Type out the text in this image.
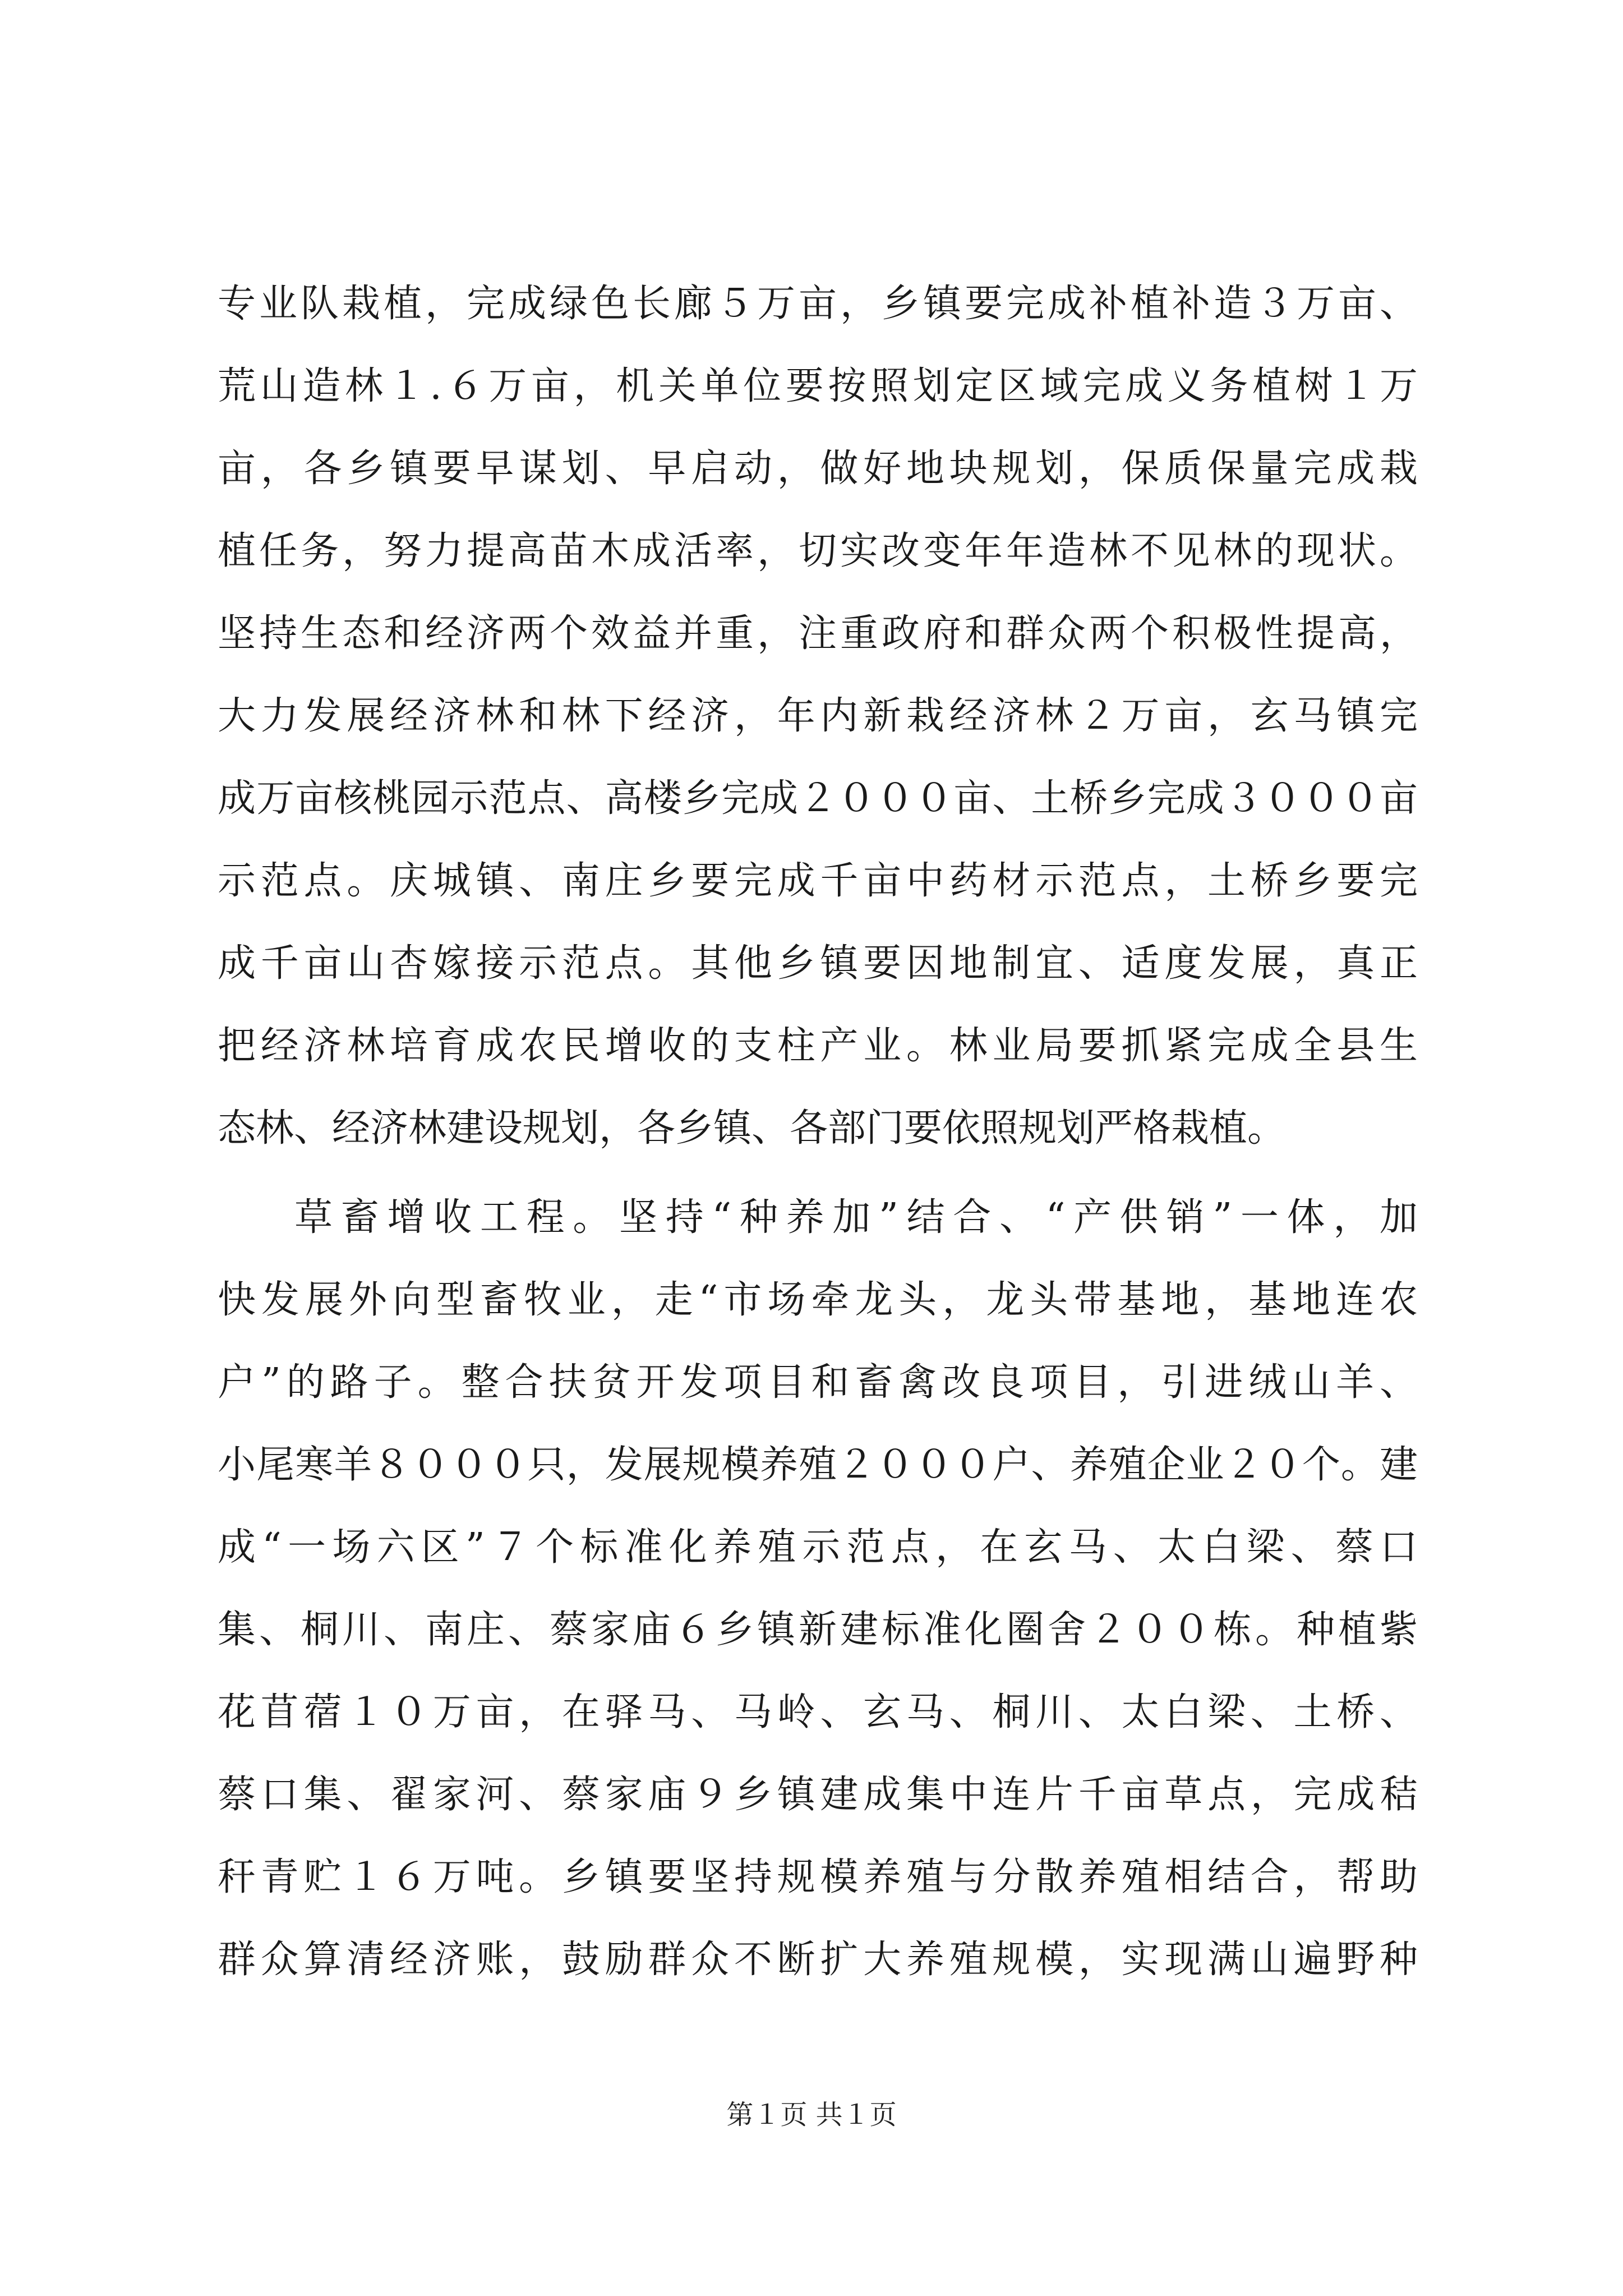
专业队栽植，完成绿色长廊５万亩，乡镇要完成补植补造３万亩、
荒山造林１.６万亩，机关单位要按照划定区域完成义务植树１万
亩，各乡镇要早谋划、早启动，做好地块规划，保质保量完成栽
植任务，努力提高苗木成活率，切实改变年年造林不见林的现状。
坚持生态和经济两个效益并重，注重政府和群众两个积极性提高，
大力发展经济林和林下经济，年内新栽经济林２万亩，玄马镇完
成万亩核桃园示范点、高楼乡完成２０００亩、土桥乡完成３０００亩
示范点。庆城镇、南庄乡要完成千亩中药材示范点，土桥乡要完
成千亩山杏嫁接示范点。其他乡镇要因地制宜、适度发展，真正
把经济林培育成农民增收的支柱产业。林业局要抓紧完成全县生
态林、经济林建设规划，各乡镇、各部门要依照规划严格栽植。
草畜增收工程。坚持“种养加”结合、“产供销”一体，加
快发展外向型畜牧业，走“市场牵龙头，龙头带基地，基地连农
户”的路子。整合扶贫开发项目和畜禽改良项目，引进绒山羊、
小尾寒羊８０００只，发展规模养殖２０００户、养殖企业２０个。建
成“一场六区”７个标准化养殖示范点，在玄马、太白梁、蔡口
集、桐川、南庄、蔡家庙６乡镇新建标准化圈舍２００栋。种植紫
花苜蓿１０万亩，在驿马、马岭、玄马、桐川、太白梁、土桥、
蔡口集、翟家河、蔡家庙９乡镇建成集中连片千亩草点，完成秸
秆青贮１６万吨。乡镇要坚持规模养殖与分散养殖相结合，帮助
群众算清经济账，鼓励群众不断扩大养殖规模，实现满山遍野种
第１页 共１页
